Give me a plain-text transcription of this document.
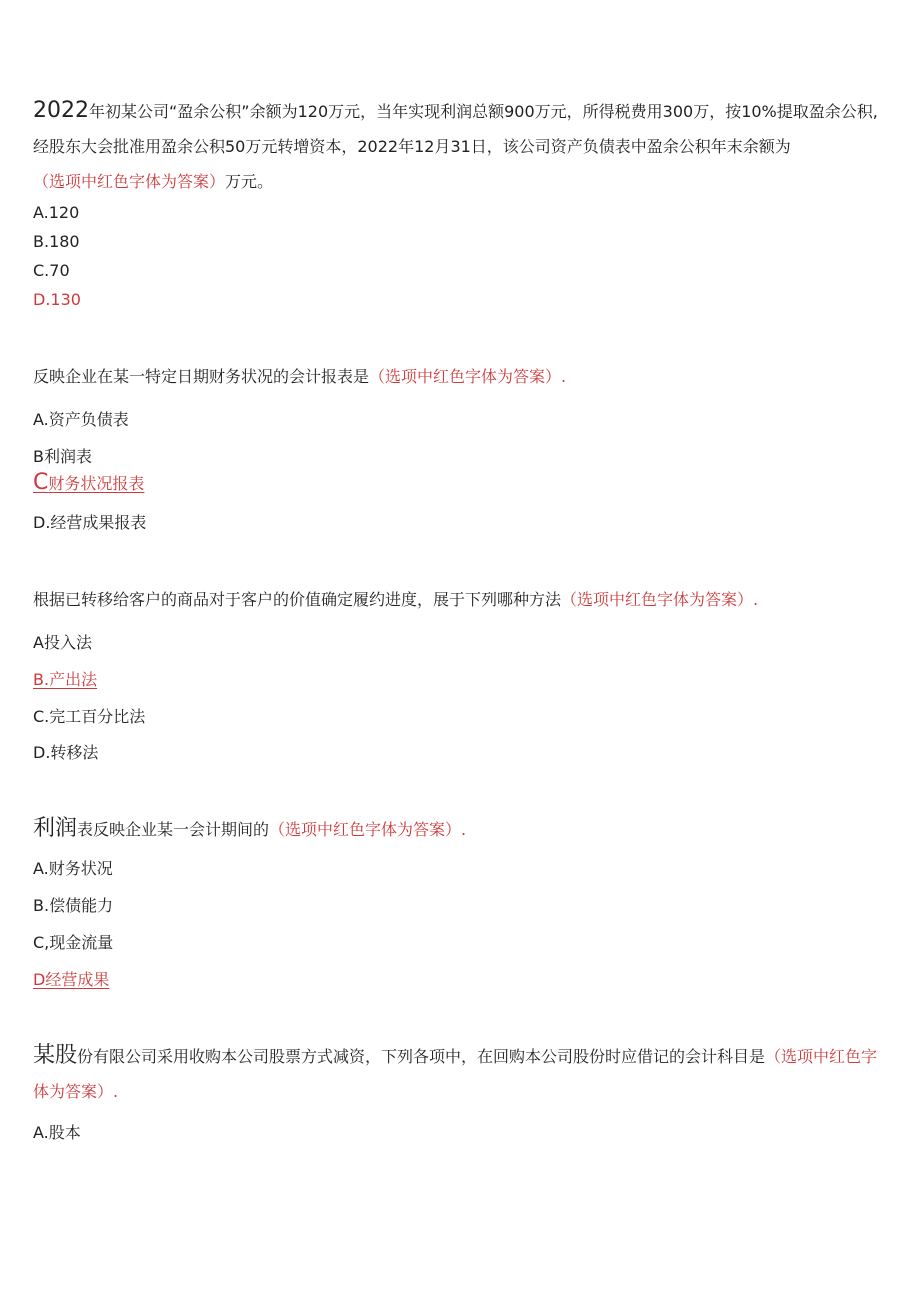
2022年初某公司“盈余公积”余额为120万元，当年实现利润总额900万元，所得税费用300万，按10%提取盈余公积,经股东大会批准用盈余公积50万元转增资本，2022年12月31日，该公司资产负债表中盈余公积年末余额为
（选项中红色字体为答案）万元。

A.120

B.180

C.70

D.130

反映企业在某一特定日期财务状况的会计报表是（选项中红色字体为答案）.

A.资产负债表

B利润表

C财务状况报表

D.经营成果报表

根据已转移给客户的商品对于客户的价值确定履约进度，展于下列哪种方法（选项中红色字体为答案）.

A投入法

B.产出法

C.完工百分比法

D.转移法

利润表反映企业某一会计期间的（选项中红色字体为答案）.

A.财务状况

B.偿债能力

C,现金流量

D经营成果

某股份有限公司采用收购本公司股票方式减资，下列各项中，在回购本公司股份时应借记的会计科目是（选项中红色字体为答案）.

A.股本
